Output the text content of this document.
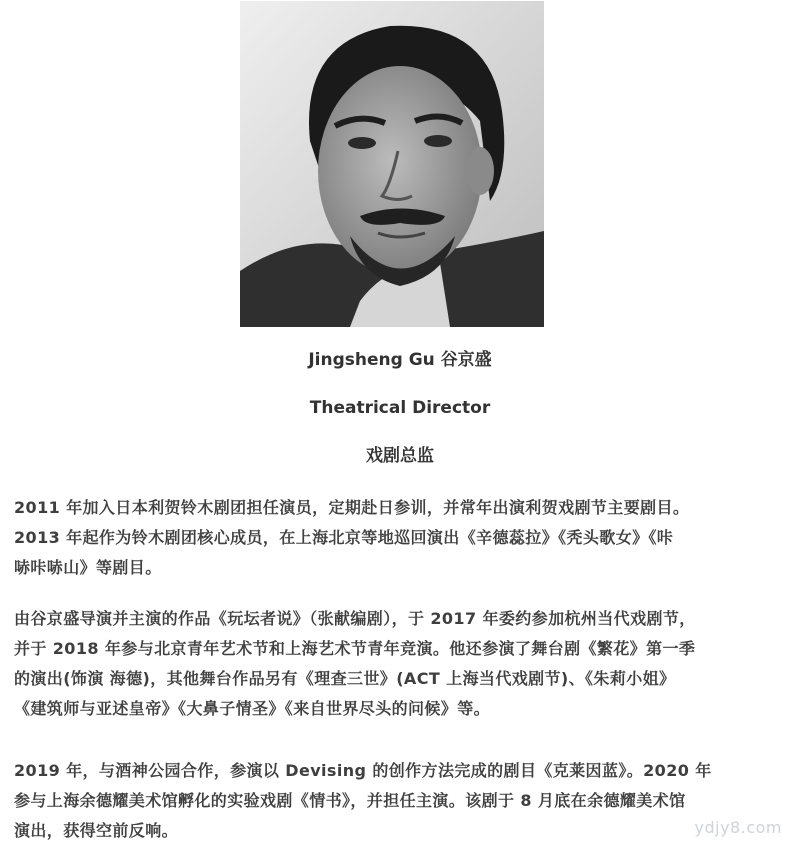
Jingsheng Gu 谷京盛
Theatrical Director
戏剧总监
2011 年加入日本利贺铃木剧团担任演员，定期赴日参训，并常年出演利贺戏剧节主要剧目。
2013 年起作为铃木剧团核心成员，在上海北京等地巡回演出《辛德蕊拉》《秃头歌女》《咔
哧咔哧山》等剧目。
由谷京盛导演并主演的作品《玩坛者说》（张献编剧），于 2017 年委约参加杭州当代戏剧节，
并于 2018 年参与北京青年艺术节和上海艺术节青年竞演。他还参演了舞台剧《繁花》第一季
的演出(饰演 海德)，其他舞台作品另有《理查三世》(ACT 上海当代戏剧节)、《朱莉小姐》
《建筑师与亚述皇帝》《大鼻子情圣》《来自世界尽头的问候》等。
2019 年，与酒神公园合作，参演以 Devising 的创作方法完成的剧目《克莱因蓝》。2020 年
参与上海余德耀美术馆孵化的实验戏剧《情书》，并担任主演。该剧于 8 月底在余德耀美术馆
演出，获得空前反响。	ydjy8.com
